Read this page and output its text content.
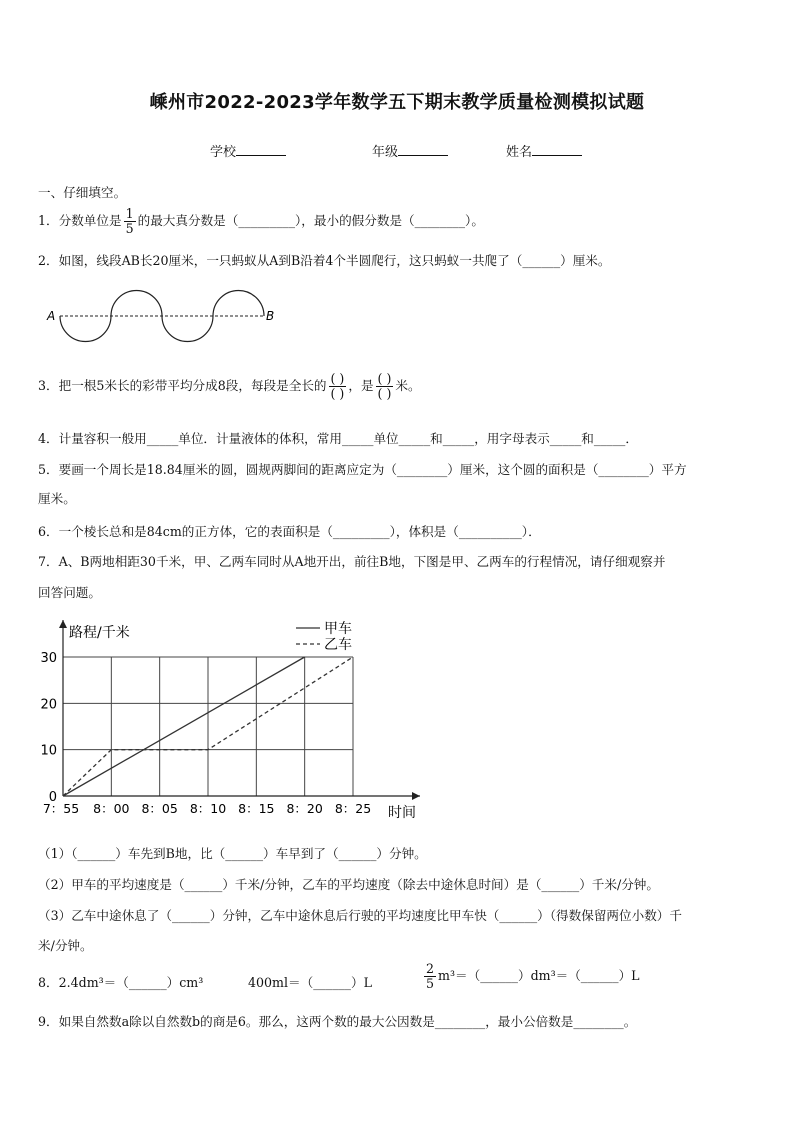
嵊州市2022-2023学年数学五下期末教学质量检测模拟试题
学校	年级	姓名
一、仔细填空。
1．分数单位是 $\frac{1}{5}$ 的最大真分数是（_________），最小的假分数是（________）。
2．如图，线段AB长20厘米，一只蚂蚁从A到B沿着4个半圆爬行，这只蚂蚁一共爬了（______）厘米。
A	B
3．把一根5米长的彩带平均分成8段，每段是全长的 $\frac{( )}{( )}$ ，是 $\frac{( )}{( )}$ 米。
4．计量容积一般用_____单位．计量液体的体积，常用_____单位_____和_____，用字母表示_____和_____．
5．要画一个周长是18.84厘米的圆，圆规两脚间的距离应定为（________）厘米，这个圆的面积是（________）平方
厘米。
6．一个棱长总和是84cm的正方体，它的表面积是（_________），体积是（__________）．
7．A、B两地相距30千米，甲、乙两车同时从A地开出，前往B地，下图是甲、乙两车的行程情况，请仔细观察并
回答问题。
0
10
20
30
7：55 8：00 8：05 8：10 8：15 8：20 8：25
路程/千米
时间
甲车
乙车
（1）（______）车先到B地，比（______）车早到了（______）分钟。
（2）甲车的平均速度是（______）千米/分钟，乙车的平均速度（除去中途休息时间）是（______）千米/分钟。
（3）乙车中途休息了（______）分钟，乙车中途休息后行驶的平均速度比甲车快（______）（得数保留两位小数）千
米/分钟。
8．2.4dm³＝（______）cm³	400ml＝（______）L	$\frac{2}{5}$ m³＝（______）dm³＝（______）L
9．如果自然数a除以自然数b的商是6。那么，这两个数的最大公因数是________，最小公倍数是________。
